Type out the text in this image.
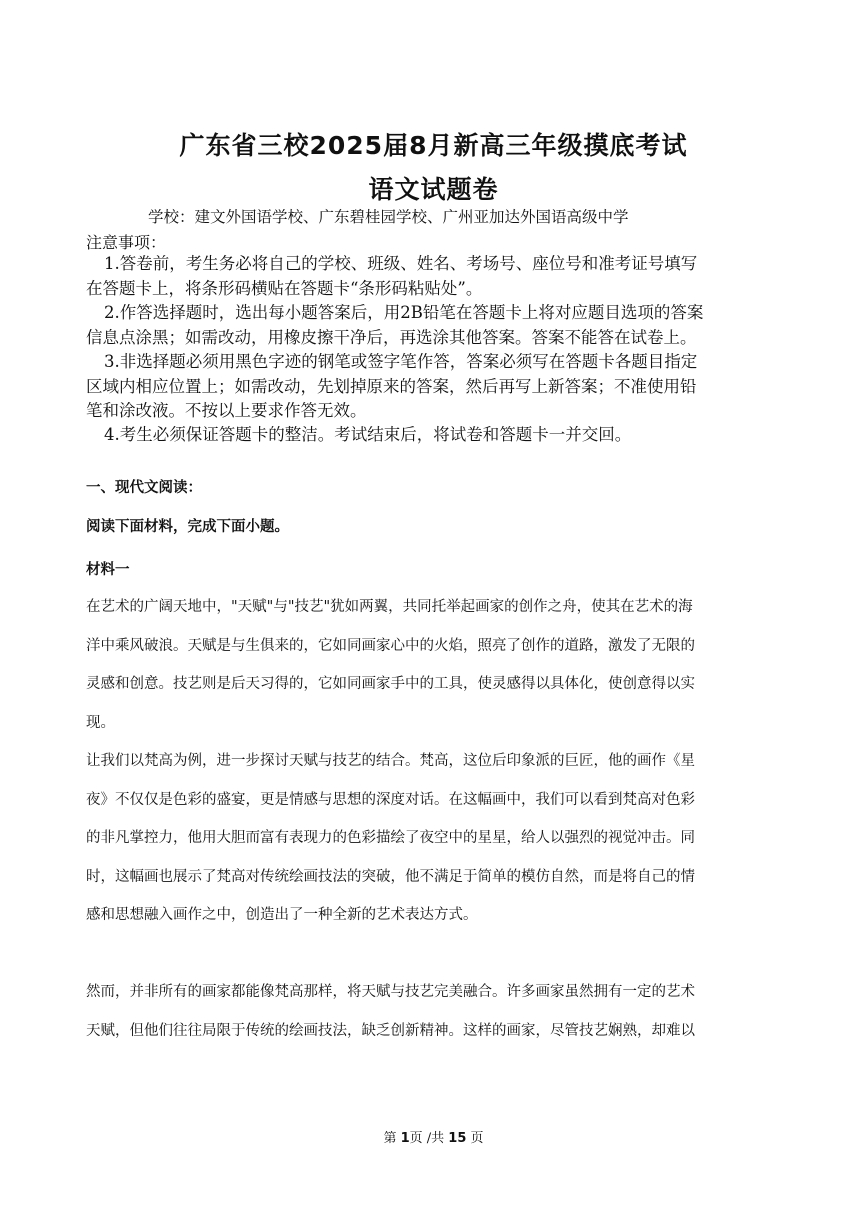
广东省三校2025届8月新高三年级摸底考试
语文试题卷
学校：建文外国语学校、广东碧桂园学校、广州亚加达外国语高级中学
注意事项：
1.答卷前，考生务必将自己的学校、班级、姓名、考场号、座位号和准考证号填写
在答题卡上，将条形码横贴在答题卡“条形码粘贴处”。
2.作答选择题时，选出每小题答案后，用2B铅笔在答题卡上将对应题目选项的答案
信息点涂黑；如需改动，用橡皮擦干净后，再选涂其他答案。答案不能答在试卷上。
3.非选择题必须用黑色字迹的钢笔或签字笔作答，答案必须写在答题卡各题目指定
区域内相应位置上；如需改动，先划掉原来的答案，然后再写上新答案；不准使用铅
笔和涂改液。不按以上要求作答无效。
4.考生必须保证答题卡的整洁。考试结束后，将试卷和答题卡一并交回。
一、现代文阅读：
阅读下面材料，完成下面小题。
材料一
在艺术的广阔天地中，"天赋"与"技艺"犹如两翼，共同托举起画家的创作之舟，使其在艺术的海
洋中乘风破浪。天赋是与生俱来的，它如同画家心中的火焰，照亮了创作的道路，激发了无限的
灵感和创意。技艺则是后天习得的，它如同画家手中的工具，使灵感得以具体化，使创意得以实
现。
让我们以梵高为例，进一步探讨天赋与技艺的结合。梵高，这位后印象派的巨匠，他的画作《星
夜》不仅仅是色彩的盛宴，更是情感与思想的深度对话。在这幅画中，我们可以看到梵高对色彩
的非凡掌控力，他用大胆而富有表现力的色彩描绘了夜空中的星星，给人以强烈的视觉冲击。同
时，这幅画也展示了梵高对传统绘画技法的突破，他不满足于简单的模仿自然，而是将自己的情
感和思想融入画作之中，创造出了一种全新的艺术表达方式。
然而，并非所有的画家都能像梵高那样，将天赋与技艺完美融合。许多画家虽然拥有一定的艺术
天赋，但他们往往局限于传统的绘画技法，缺乏创新精神。这样的画家，尽管技艺娴熟，却难以
第 1页 /共 15 页
